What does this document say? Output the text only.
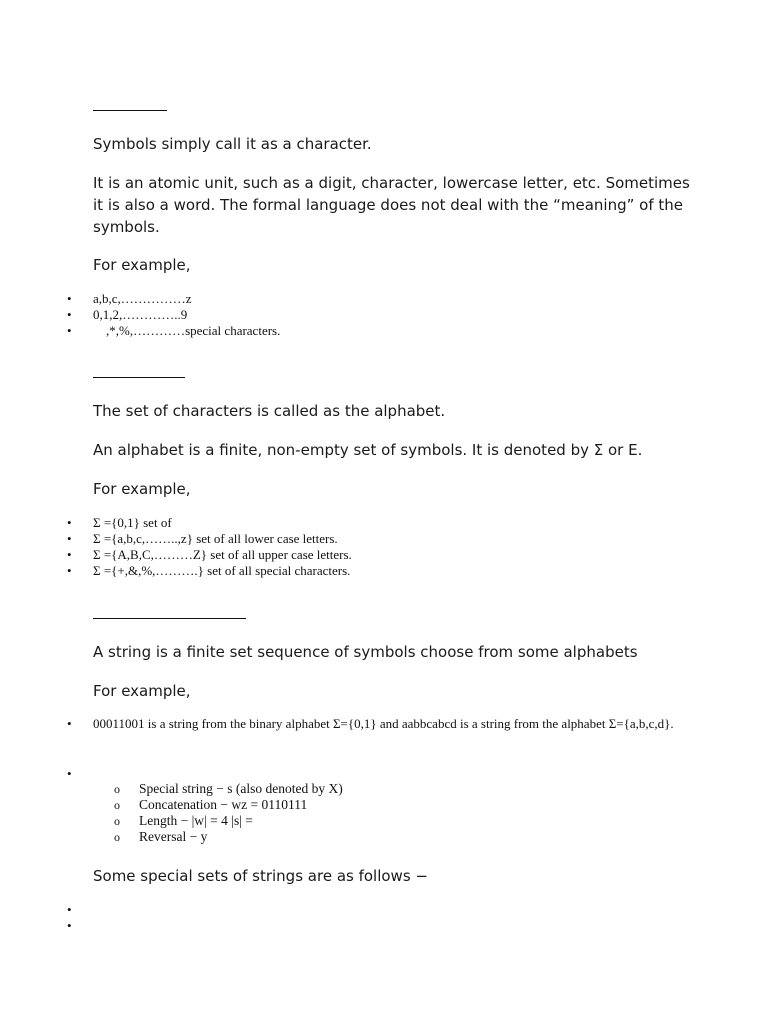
Symbols simply call it as a character.

It is an atomic unit, such as a digit, character, lowercase letter, etc. Sometimes it is also a word. The formal language does not deal with the “meaning” of the symbols.

For example,

• a,b,c,……………z
• 0,1,2,…………..9
• ,*,%,…………special characters.

The set of characters is called as the alphabet.

An alphabet is a finite, non-empty set of symbols. It is denoted by Σ or E.

For example,

• Σ ={0,1} set of
• Σ ={a,b,c,……..,z} set of all lower case letters.
• Σ ={A,B,C,………Z} set of all upper case letters.
• Σ ={+,&,%,……….} set of all special characters.

A string is a finite set sequence of symbols choose from some alphabets

For example,

• 00011001 is a string from the binary alphabet Σ={0,1} and aabbcabcd is a string from the alphabet Σ={a,b,c,d}.
•

o Special string − s (also denoted by X)
o Concatenation − wz = 0110111
o Length − |w| = 4 |s| =
o Reversal − y

Some special sets of strings are as follows −

•

•
